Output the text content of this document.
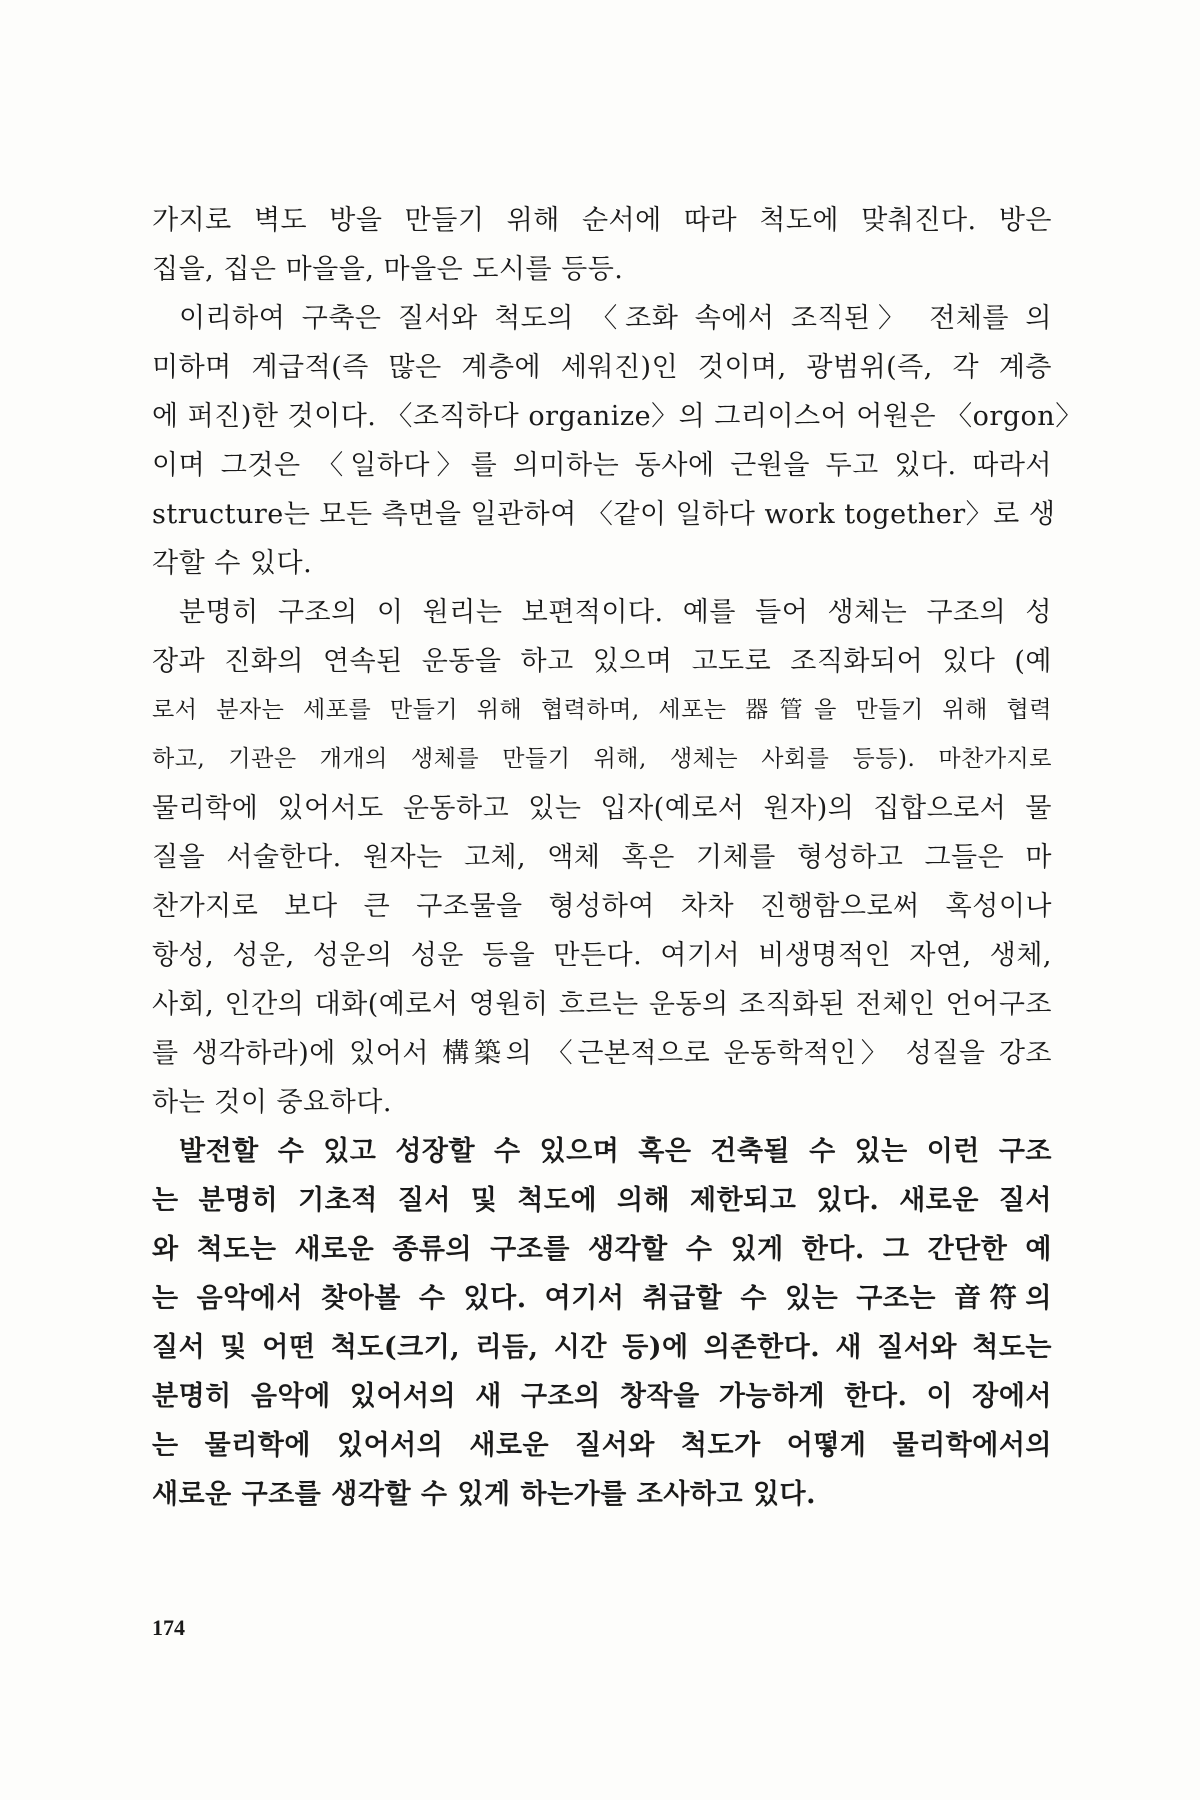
가지로 벽도 방을 만들기 위해 순서에 따라 척도에 맞춰진다. 방은
집을, 집은 마을을, 마을은 도시를 등등.
이리하여 구축은 질서와 척도의 〈조화 속에서 조직된〉 전체를 의
미하며 계급적(즉 많은 계층에 세워진)인 것이며, 광범위(즉, 각 계층
에 퍼진)한 것이다. 〈조직하다 organize〉의 그리이스어 어원은 〈orgon〉
이며 그것은 〈일하다〉를 의미하는 동사에 근원을 두고 있다. 따라서
structure는 모든 측면을 일관하여 〈같이 일하다 work together〉로 생
각할 수 있다.
분명히 구조의 이 원리는 보편적이다. 예를 들어 생체는 구조의 성
장과 진화의 연속된 운동을 하고 있으며 고도로 조직화되어 있다 (예
로서 분자는 세포를 만들기 위해 협력하며, 세포는 器管을 만들기 위해 협력
하고, 기관은 개개의 생체를 만들기 위해, 생체는 사회를 등등). 마찬가지로
물리학에 있어서도 운동하고 있는 입자(예로서 원자)의 집합으로서 물
질을 서술한다. 원자는 고체, 액체 혹은 기체를 형성하고 그들은 마
찬가지로 보다 큰 구조물을 형성하여 차차 진행함으로써 혹성이나
항성, 성운, 성운의 성운 등을 만든다. 여기서 비생명적인 자연, 생체,
사회, 인간의 대화(예로서 영원히 흐르는 운동의 조직화된 전체인 언어구조
를 생각하라)에 있어서 構築의 〈근본적으로 운동학적인〉 성질을 강조
하는 것이 중요하다.
발전할 수 있고 성장할 수 있으며 혹은 건축될 수 있는 이런 구조
는 분명히 기초적 질서 및 척도에 의해 제한되고 있다. 새로운 질서
와 척도는 새로운 종류의 구조를 생각할 수 있게 한다. 그 간단한 예
는 음악에서 찾아볼 수 있다. 여기서 취급할 수 있는 구조는 音符의
질서 및 어떤 척도(크기, 리듬, 시간 등)에 의존한다. 새 질서와 척도는
분명히 음악에 있어서의 새 구조의 창작을 가능하게 한다. 이 장에서
는 물리학에 있어서의 새로운 질서와 척도가 어떻게 물리학에서의
새로운 구조를 생각할 수 있게 하는가를 조사하고 있다.
174
